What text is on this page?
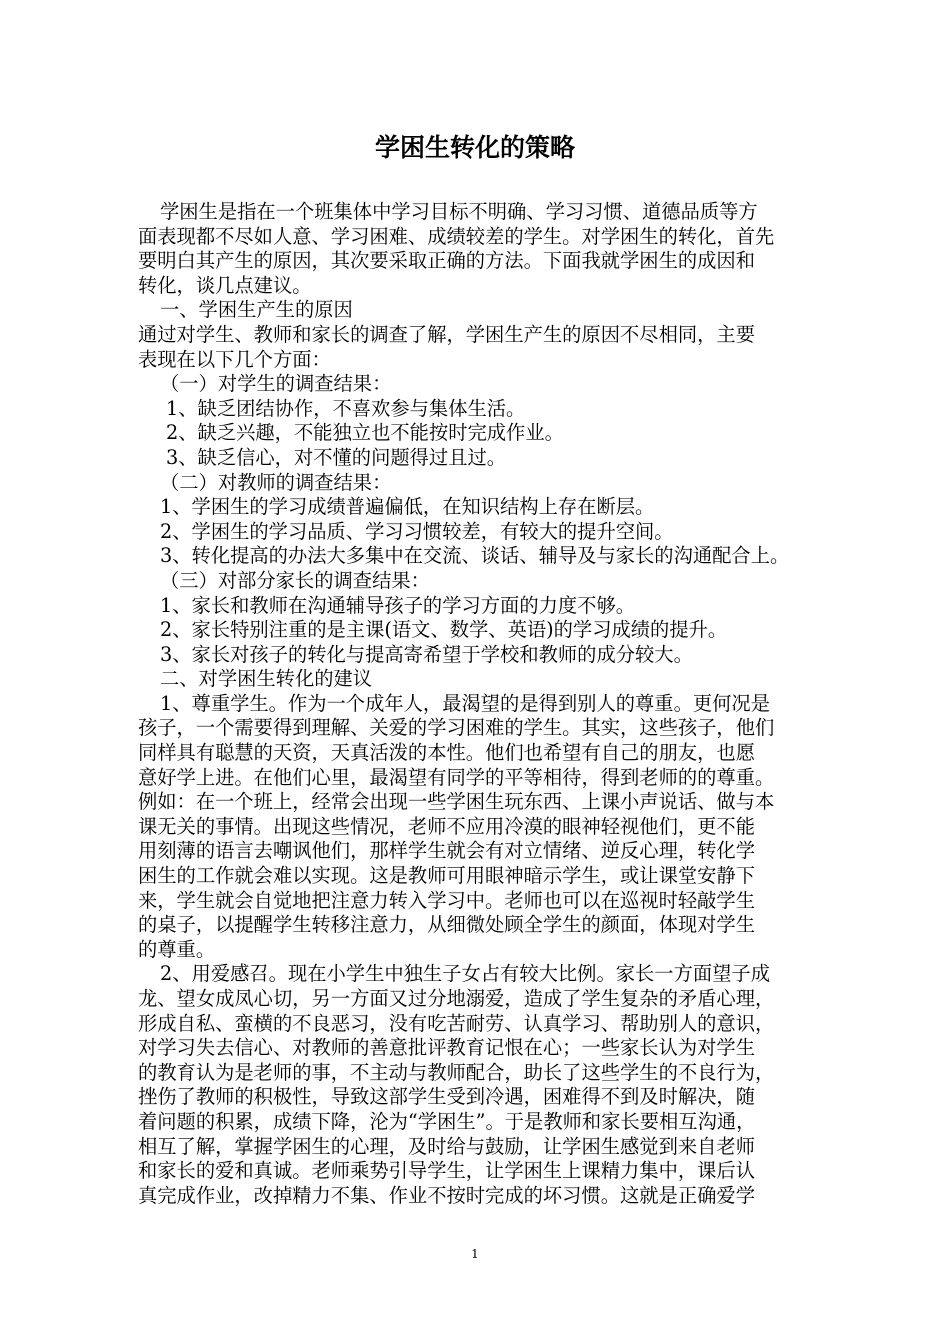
学困生转化的策略
学困生是指在一个班集体中学习目标不明确、学习习惯、道德品质等方
面表现都不尽如人意、学习困难、成绩较差的学生。对学困生的转化，首先
要明白其产生的原因，其次要采取正确的方法。下面我就学困生的成因和
转化，谈几点建议。
一、学困生产生的原因
通过对学生、教师和家长的调查了解，学困生产生的原因不尽相同，主要
表现在以下几个方面：
（一）对学生的调查结果：
1、缺乏团结协作，不喜欢参与集体生活。
2、缺乏兴趣，不能独立也不能按时完成作业。
3、缺乏信心，对不懂的问题得过且过。
（二）对教师的调查结果：
1、学困生的学习成绩普遍偏低，在知识结构上存在断层。
2、学困生的学习品质、学习习惯较差，有较大的提升空间。
3、转化提高的办法大多集中在交流、谈话、辅导及与家长的沟通配合上。
（三）对部分家长的调查结果：
1、家长和教师在沟通辅导孩子的学习方面的力度不够。
2、家长特别注重的是主课(语文、数学、英语)的学习成绩的提升。
3、家长对孩子的转化与提高寄希望于学校和教师的成分较大。
二、对学困生转化的建议
1、尊重学生。作为一个成年人，最渴望的是得到别人的尊重。更何况是
孩子，一个需要得到理解、关爱的学习困难的学生。其实，这些孩子，他们
同样具有聪慧的天资，天真活泼的本性。他们也希望有自己的朋友，也愿
意好学上进。在他们心里，最渴望有同学的平等相待，得到老师的的尊重。
例如：在一个班上，经常会出现一些学困生玩东西、上课小声说话、做与本
课无关的事情。出现这些情况，老师不应用冷漠的眼神轻视他们，更不能
用刻薄的语言去嘲讽他们，那样学生就会有对立情绪、逆反心理，转化学
困生的工作就会难以实现。这是教师可用眼神暗示学生，或让课堂安静下
来，学生就会自觉地把注意力转入学习中。老师也可以在巡视时轻敲学生
的桌子，以提醒学生转移注意力，从细微处顾全学生的颜面，体现对学生
的尊重。
2、用爱感召。现在小学生中独生子女占有较大比例。家长一方面望子成
龙、望女成凤心切，另一方面又过分地溺爱，造成了学生复杂的矛盾心理，
形成自私、蛮横的不良恶习，没有吃苦耐劳、认真学习、帮助别人的意识，
对学习失去信心、对教师的善意批评教育记恨在心；一些家长认为对学生
的教育认为是老师的事，不主动与教师配合，助长了这些学生的不良行为，
挫伤了教师的积极性，导致这部学生受到冷遇，困难得不到及时解决，随
着问题的积累，成绩下降，沦为“学困生”。于是教师和家长要相互沟通，
相互了解，掌握学困生的心理，及时给与鼓励，让学困生感觉到来自老师
和家长的爱和真诚。老师乘势引导学生，让学困生上课精力集中，课后认
真完成作业，改掉精力不集、作业不按时完成的坏习惯。这就是正确爱学
1
